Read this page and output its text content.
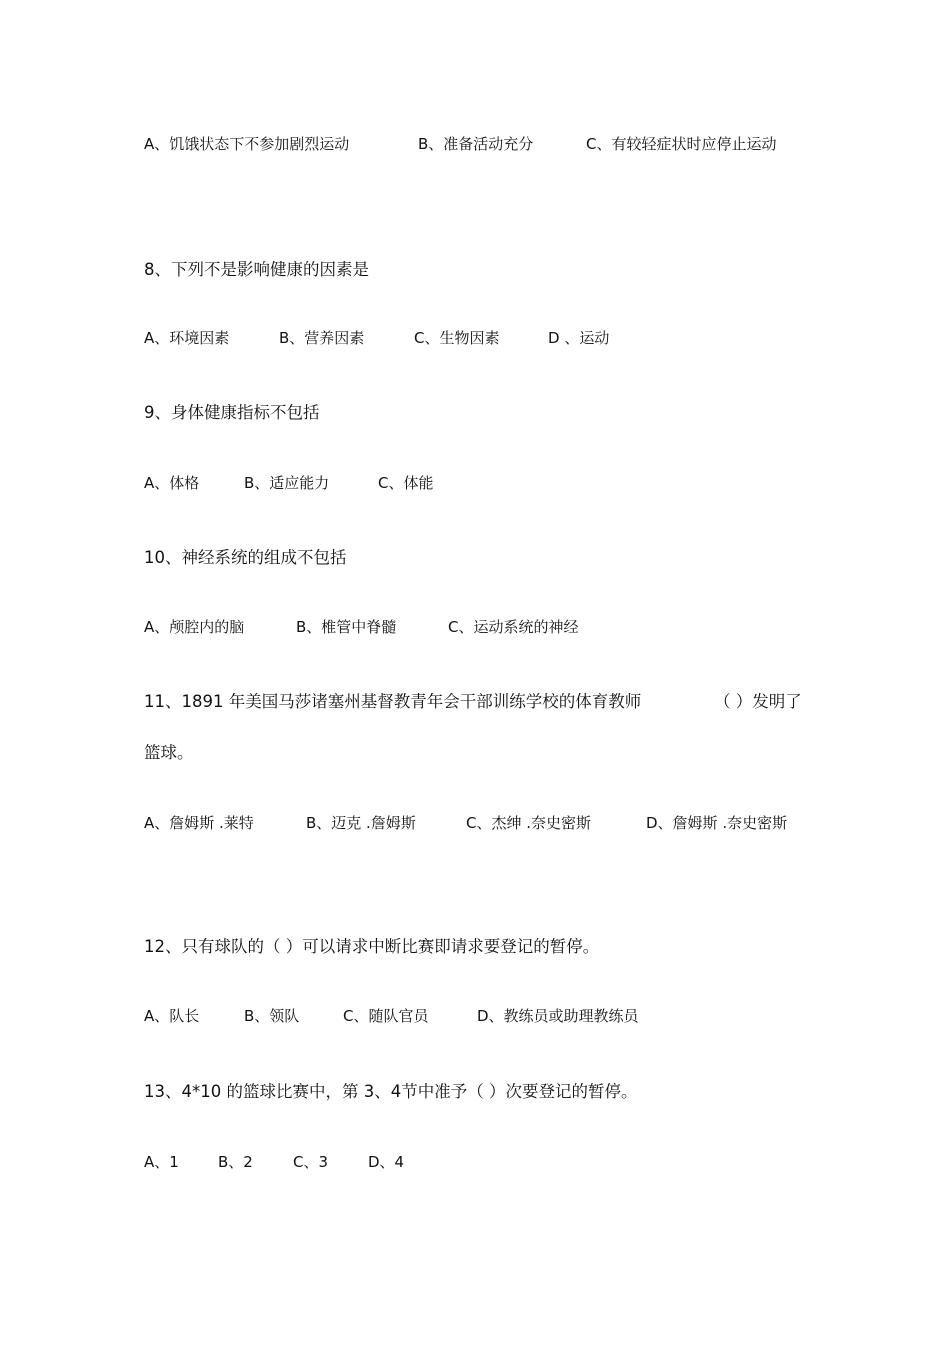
A、饥饿状态下不参加剧烈运动	B、准备活动充分	C、有较轻症状时应停止运动
8、下列不是影响健康的因素是
A、环境因素	B、营养因素	C、生物因素	D 、运动
9、身体健康指标不包括
A、体格	B、适应能力	C、体能
10、神经系统的组成不包括
A、颅腔内的脑	B、椎管中脊髓	C、运动系统的神经
11、1891 年美国马莎诸塞州基督教青年会干部训练学校的体育教师	（ ）发明了
篮球。
A、詹姆斯 .莱特	B、迈克 .詹姆斯	C、杰绅 .奈史密斯	D、詹姆斯 .奈史密斯
12、只有球队的（ ）可以请求中断比赛即请求要登记的暂停。
A、队长	B、领队	C、随队官员	D、教练员或助理教练员
13、4*10 的篮球比赛中，第 3、4节中准予（ ）次要登记的暂停。
A、1	B、2	C、3	D、4
